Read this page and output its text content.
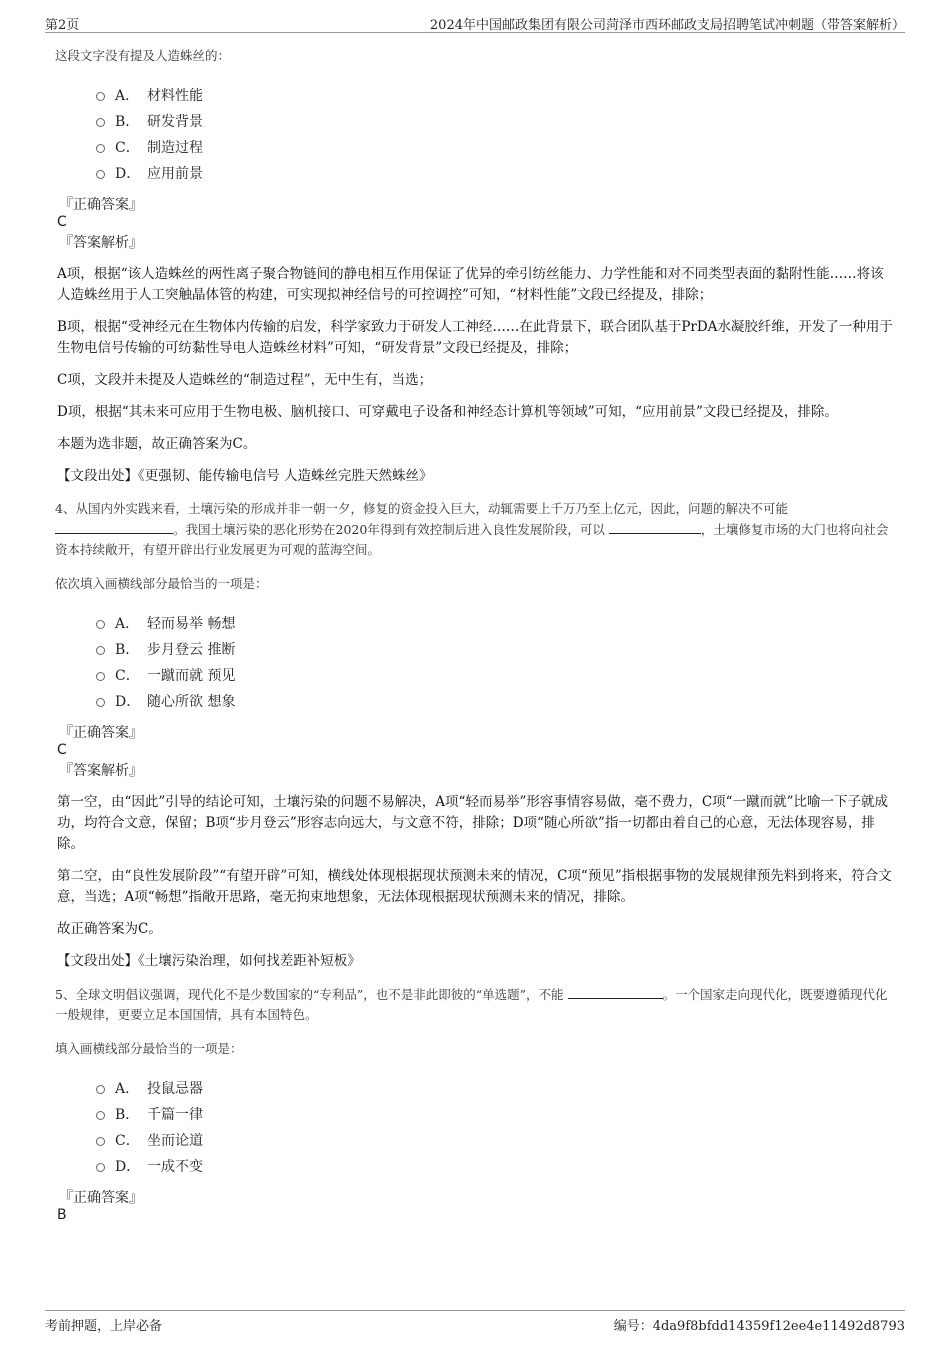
第2页	2024年中国邮政集团有限公司菏泽市西环邮政支局招聘笔试冲刺题（带答案解析）

这段文字没有提及人造蛛丝的：

A． 材料性能
B． 研发背景
C． 制造过程
D． 应用前景
『正确答案』
C
『答案解析』

A项，根据“该人造蛛丝的两性离子聚合物链间的静电相互作用保证了优异的牵引纺丝能力、力学性能和对不同类型表面的黏附性能……将该人造蛛丝用于人工突触晶体管的构建，可实现拟神经信号的可控调控”可知，“材料性能”文段已经提及，排除；

B项，根据“受神经元在生物体内传输的启发，科学家致力于研发人工神经……在此背景下，联合团队基于PrDA水凝胶纤维，开发了一种用于生物电信号传输的可纺黏性导电人造蛛丝材料”可知，“研发背景”文段已经提及，排除；

C项，文段并未提及人造蛛丝的“制造过程”，无中生有，当选；

D项，根据“其未来可应用于生物电极、脑机接口、可穿戴电子设备和神经态计算机等领域”可知，“应用前景”文段已经提及，排除。

本题为选非题，故正确答案为C。

【文段出处】《更强韧、能传输电信号 人造蛛丝完胜天然蛛丝》

4、从国内外实践来看，土壤污染的形成并非一朝一夕，修复的资金投入巨大，动辄需要上千万乃至上亿元，因此，问题的解决不可能。我国土壤污染的恶化形势在2020年得到有效控制后进入良性发展阶段，可以	，土壤修复市场的大门也将向社会资本持续敞开，有望开辟出行业发展更为可观的蓝海空间。

依次填入画横线部分最恰当的一项是：

A． 轻而易举 畅想
B． 步月登云 推断
C． 一蹴而就 预见
D． 随心所欲 想象
『正确答案』
C
『答案解析』

第一空，由“因此”引导的结论可知，土壤污染的问题不易解决，A项“轻而易举”形容事情容易做，毫不费力，C项“一蹴而就”比喻一下子就成功，均符合文意，保留；B项“步月登云”形容志向远大，与文意不符，排除；D项“随心所欲”指一切都由着自己的心意，无法体现容易，排除。

第二空，由“良性发展阶段”“有望开辟”可知，横线处体现根据现状预测未来的情况，C项“预见”指根据事物的发展规律预先料到将来，符合文意，当选；A项“畅想”指敞开思路，毫无拘束地想象，无法体现根据现状预测未来的情况，排除。

故正确答案为C。

【文段出处】《土壤污染治理，如何找差距补短板》

5、全球文明倡议强调，现代化不是少数国家的“专利品”，也不是非此即彼的“单选题”，不能	。一个国家走向现代化，既要遵循现代化一般规律，更要立足本国国情，具有本国特色。

填入画横线部分最恰当的一项是：

A． 投鼠忌器
B． 千篇一律
C． 坐而论道
D． 一成不变
『正确答案』
B
考前押题，上岸必备	编号：4da9f8bfdd14359f12ee4e11492d8793
